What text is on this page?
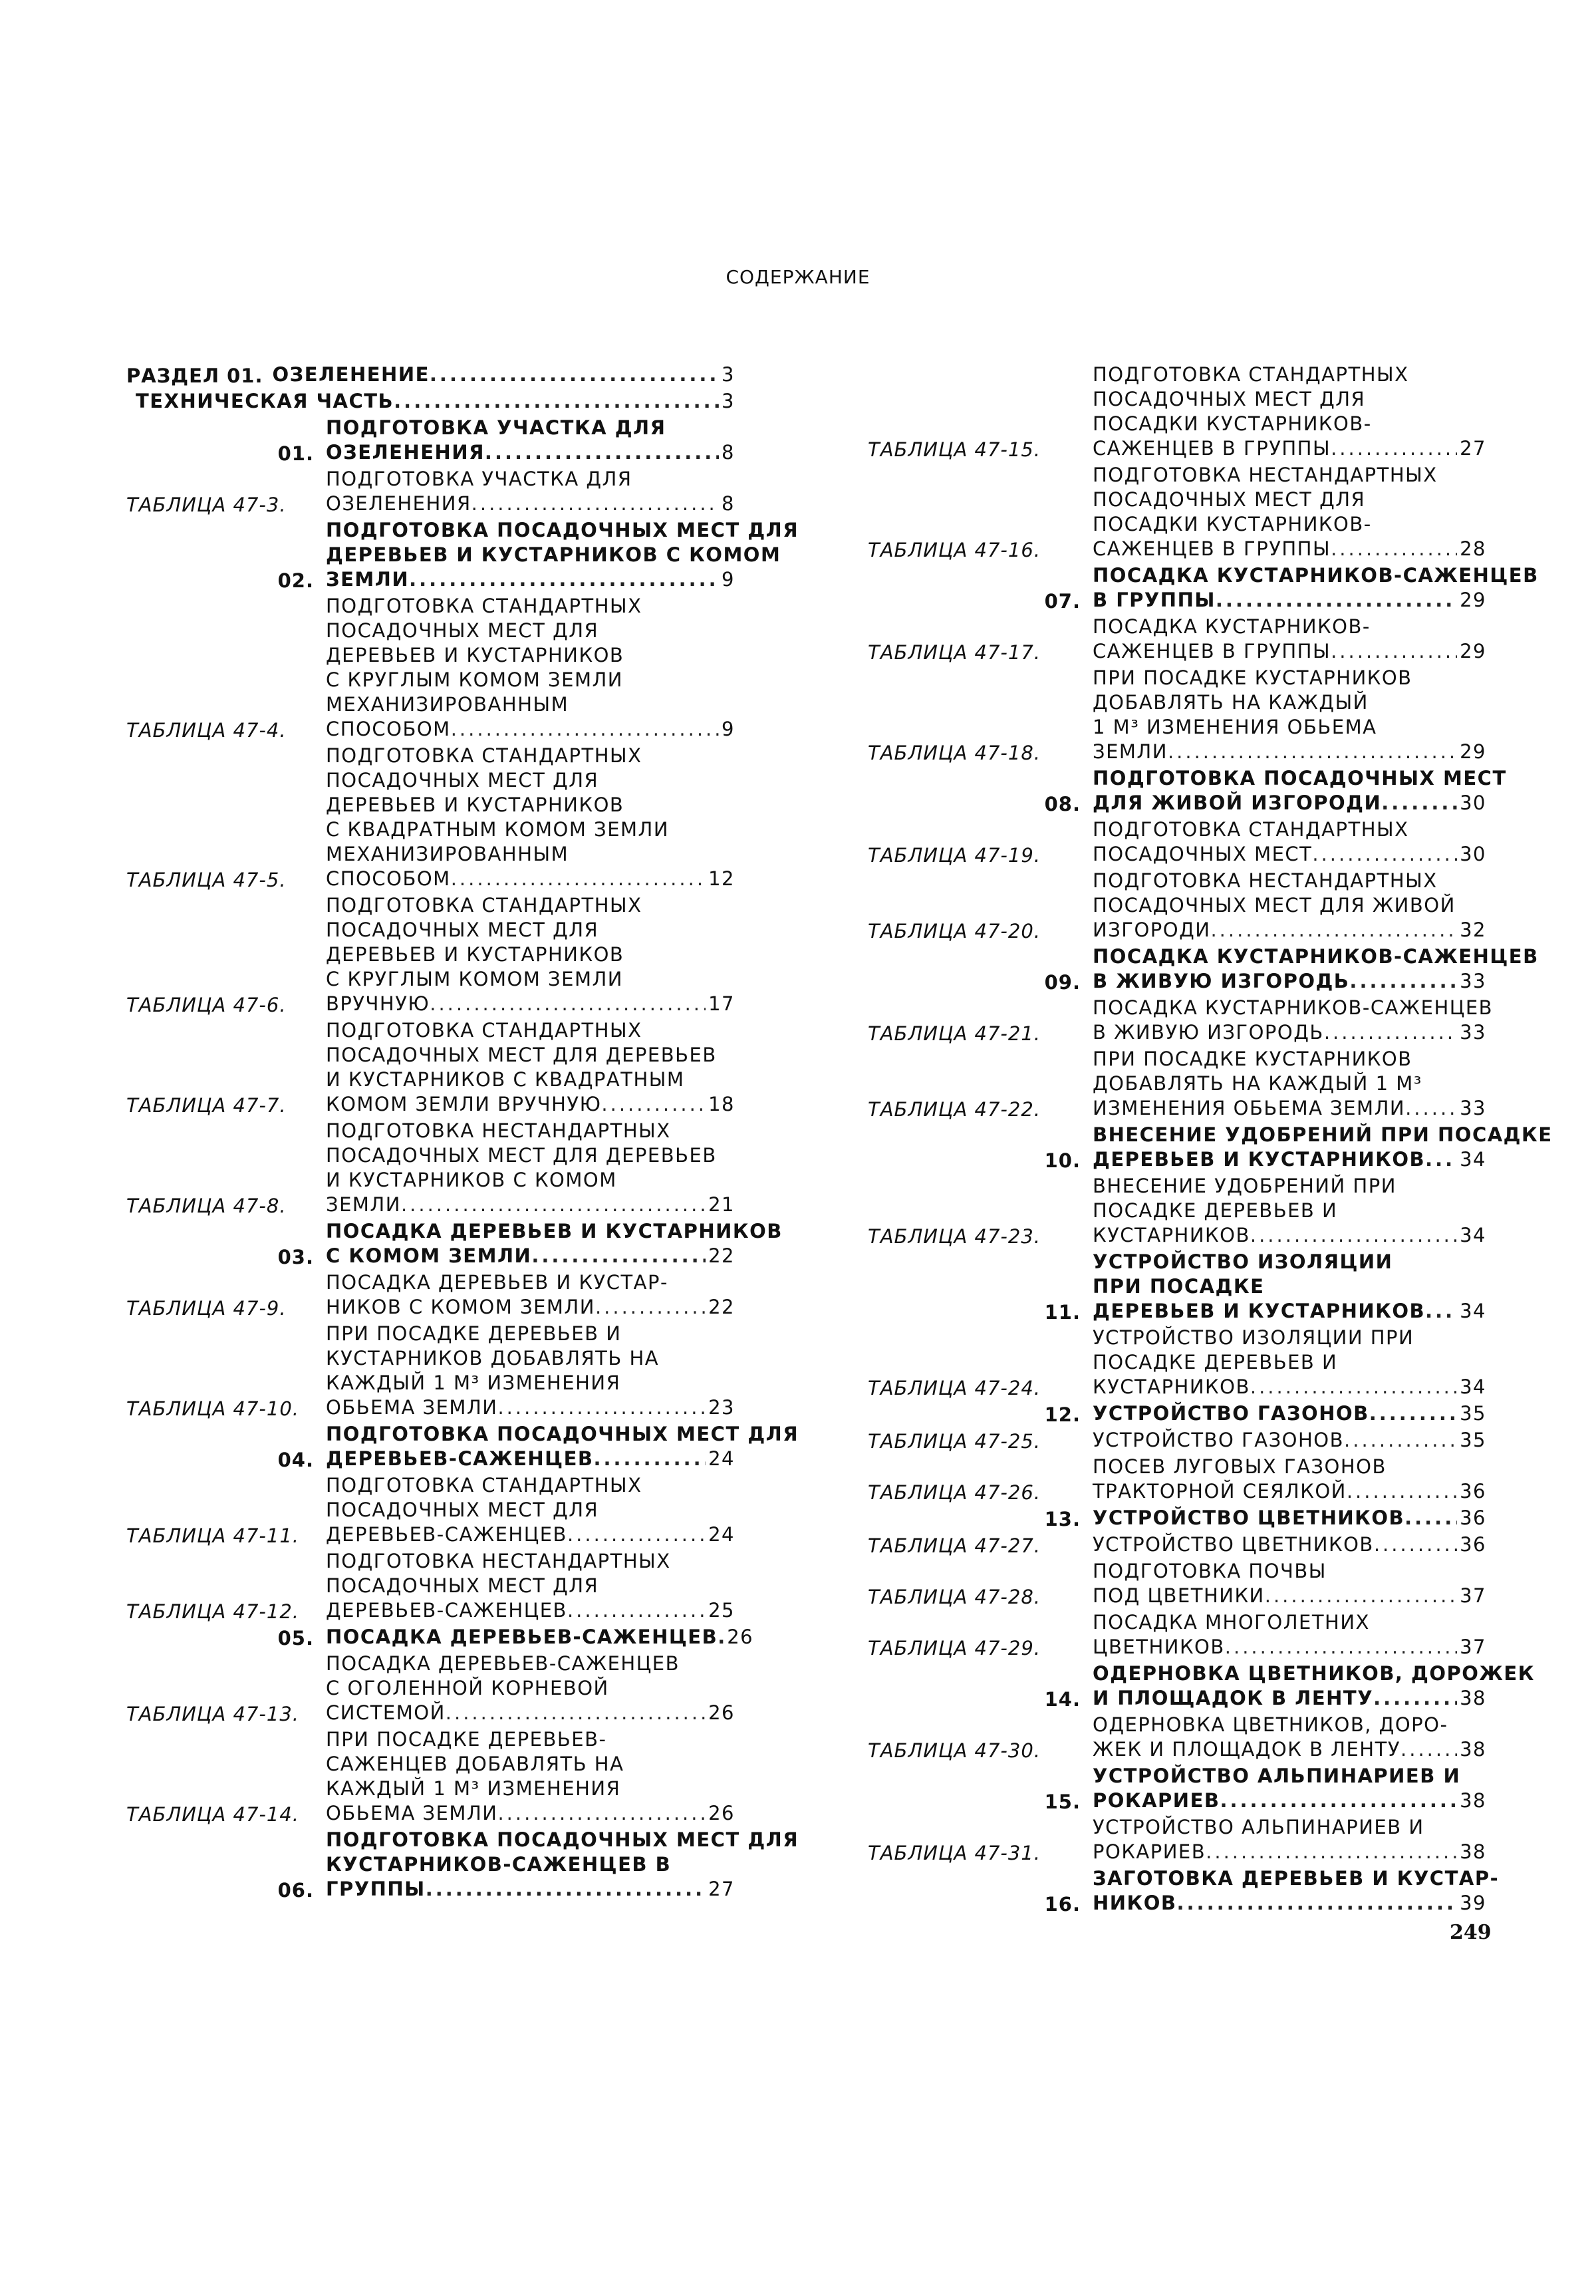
СОДЕРЖАНИЕ
РАЗДЕЛ 01. ОЗЕЛЕНЕНИЕ .....	3
ТЕХНИЧЕСКАЯ ЧАСТЬ .....	3
01.
ПОДГОТОВКА УЧАСТКА ДЛЯ
ОЗЕЛЕНЕНИЯ .....	8
ТАБЛИЦА 47-3.
ПОДГОТОВКА УЧАСТКА ДЛЯ
ОЗЕЛЕНЕНИЯ .....	8
02.
ПОДГОТОВКА ПОСАДОЧНЫХ МЕСТ ДЛЯ
ДЕРЕВЬЕВ И КУСТАРНИКОВ С КОМОМ
ЗЕМЛИ .....	9
ТАБЛИЦА 47-4.
ПОДГОТОВКА СТАНДАРТНЫХ
ПОСАДОЧНЫХ МЕСТ ДЛЯ
ДЕРЕВЬЕВ И КУСТАРНИКОВ
С КРУГЛЫМ КОМОМ ЗЕМЛИ
МЕХАНИЗИРОВАННЫМ
СПОСОБОМ .....	9
ТАБЛИЦА 47-5.
ПОДГОТОВКА СТАНДАРТНЫХ
ПОСАДОЧНЫХ МЕСТ ДЛЯ
ДЕРЕВЬЕВ И КУСТАРНИКОВ
С КВАДРАТНЫМ КОМОМ ЗЕМЛИ
МЕХАНИЗИРОВАННЫМ
СПОСОБОМ .....	12
ТАБЛИЦА 47-6.
ПОДГОТОВКА СТАНДАРТНЫХ
ПОСАДОЧНЫХ МЕСТ ДЛЯ
ДЕРЕВЬЕВ И КУСТАРНИКОВ
С КРУГЛЫМ КОМОМ ЗЕМЛИ
ВРУЧНУЮ .....	17
ТАБЛИЦА 47-7.
ПОДГОТОВКА СТАНДАРТНЫХ
ПОСАДОЧНЫХ МЕСТ ДЛЯ ДЕРЕВЬЕВ
И КУСТАРНИКОВ С КВАДРАТНЫМ
КОМОМ ЗЕМЛИ ВРУЧНУЮ .....	18
ТАБЛИЦА 47-8.
ПОДГОТОВКА НЕСТАНДАРТНЫХ
ПОСАДОЧНЫХ МЕСТ ДЛЯ ДЕРЕВЬЕВ
И КУСТАРНИКОВ С КОМОМ
ЗЕМЛИ .....	21
03.
ПОСАДКА ДЕРЕВЬЕВ И КУСТАРНИКОВ
С КОМОМ ЗЕМЛИ .....	22
ТАБЛИЦА 47-9.
ПОСАДКА ДЕРЕВЬЕВ И КУСТАР-
НИКОВ С КОМОМ ЗЕМЛИ .....	22
ТАБЛИЦА 47-10.
ПРИ ПОСАДКЕ ДЕРЕВЬЕВ И
КУСТАРНИКОВ ДОБАВЛЯТЬ НА
КАЖДЫЙ 1 М³ ИЗМЕНЕНИЯ
ОБЬЕМА ЗЕМЛИ .....	23
04.
ПОДГОТОВКА ПОСАДОЧНЫХ МЕСТ ДЛЯ
ДЕРЕВЬЕВ-САЖЕНЦЕВ .....	24
ТАБЛИЦА 47-11.
ПОДГОТОВКА СТАНДАРТНЫХ
ПОСАДОЧНЫХ МЕСТ ДЛЯ
ДЕРЕВЬЕВ-САЖЕНЦЕВ .....	24
ТАБЛИЦА 47-12.
ПОДГОТОВКА НЕСТАНДАРТНЫХ
ПОСАДОЧНЫХ МЕСТ ДЛЯ
ДЕРЕВЬЕВ-САЖЕНЦЕВ .....	25
05. ПОСАДКА ДЕРЕВЬЕВ-САЖЕНЦЕВ ..... 26
ТАБЛИЦА 47-13.
ПОСАДКА ДЕРЕВЬЕВ-САЖЕНЦЕВ
С ОГОЛЕННОЙ КОРНЕВОЙ
СИСТЕМОЙ .....	26
ТАБЛИЦА 47-14.
ПРИ ПОСАДКЕ ДЕРЕВЬЕВ-
САЖЕНЦЕВ ДОБАВЛЯТЬ НА
КАЖДЫЙ 1 М³ ИЗМЕНЕНИЯ
ОБЬЕМА ЗЕМЛИ .....	26
06.
ПОДГОТОВКА ПОСАДОЧНЫХ МЕСТ ДЛЯ
КУСТАРНИКОВ-САЖЕНЦЕВ В
ГРУППЫ .....	27
ТАБЛИЦА 47-15.
ПОДГОТОВКА СТАНДАРТНЫХ
ПОСАДОЧНЫХ МЕСТ ДЛЯ
ПОСАДКИ КУСТАРНИКОВ-
САЖЕНЦЕВ В ГРУППЫ .....	27
ТАБЛИЦА 47-16.
ПОДГОТОВКА НЕСТАНДАРТНЫХ
ПОСАДОЧНЫХ МЕСТ ДЛЯ
ПОСАДКИ КУСТАРНИКОВ-
САЖЕНЦЕВ В ГРУППЫ .....	28
07.
ПОСАДКА КУСТАРНИКОВ-САЖЕНЦЕВ
В ГРУППЫ .....	29
ТАБЛИЦА 47-17.
ПОСАДКА КУСТАРНИКОВ-
САЖЕНЦЕВ В ГРУППЫ .....	29
ТАБЛИЦА 47-18.
ПРИ ПОСАДКЕ КУСТАРНИКОВ
ДОБАВЛЯТЬ НА КАЖДЫЙ
1 М³ ИЗМЕНЕНИЯ ОБЬЕМА
ЗЕМЛИ .....	29
08.
ПОДГОТОВКА ПОСАДОЧНЫХ МЕСТ
ДЛЯ ЖИВОЙ ИЗГОРОДИ .....	30
ТАБЛИЦА 47-19.
ПОДГОТОВКА СТАНДАРТНЫХ
ПОСАДОЧНЫХ МЕСТ .....	30
ТАБЛИЦА 47-20.
ПОДГОТОВКА НЕСТАНДАРТНЫХ
ПОСАДОЧНЫХ МЕСТ ДЛЯ ЖИВОЙ
ИЗГОРОДИ .....	32
09.
ПОСАДКА КУСТАРНИКОВ-САЖЕНЦЕВ
В ЖИВУЮ ИЗГОРОДЬ .....	33
ТАБЛИЦА 47-21.
ПОСАДКА КУСТАРНИКОВ-САЖЕНЦЕВ
В ЖИВУЮ ИЗГОРОДЬ .....	33
ТАБЛИЦА 47-22.
ПРИ ПОСАДКЕ КУСТАРНИКОВ
ДОБАВЛЯТЬ НА КАЖДЫЙ 1 М³
ИЗМЕНЕНИЯ ОБЬЕМА ЗЕМЛИ .....	33
10.
ВНЕСЕНИЕ УДОБРЕНИЙ ПРИ ПОСАДКЕ
ДЕРЕВЬЕВ И КУСТАРНИКОВ ..... 34
ТАБЛИЦА 47-23.
ВНЕСЕНИЕ УДОБРЕНИЙ ПРИ
ПОСАДКЕ ДЕРЕВЬЕВ И
КУСТАРНИКОВ .....	34
11.
УСТРОЙСТВО ИЗОЛЯЦИИ
ПРИ ПОСАДКЕ
ДЕРЕВЬЕВ И КУСТАРНИКОВ ..... 34
ТАБЛИЦА 47-24.
УСТРОЙСТВО ИЗОЛЯЦИИ ПРИ
ПОСАДКЕ ДЕРЕВЬЕВ И
КУСТАРНИКОВ .....	34
12. УСТРОЙСТВО ГАЗОНОВ .....	35
ТАБЛИЦА 47-25.	УСТРОЙСТВО ГАЗОНОВ .....	35
ТАБЛИЦА 47-26.
ПОСЕВ ЛУГОВЫХ ГАЗОНОВ
ТРАКТОРНОЙ СЕЯЛКОЙ .....	36
13. УСТРОЙСТВО ЦВЕТНИКОВ .....	36
ТАБЛИЦА 47-27.	УСТРОЙСТВО ЦВЕТНИКОВ .....	36
ТАБЛИЦА 47-28.
ПОДГОТОВКА ПОЧВЫ
ПОД ЦВЕТНИКИ .....	37
ТАБЛИЦА 47-29.
ПОСАДКА МНОГОЛЕТНИХ
ЦВЕТНИКОВ .....	37
14.
ОДЕРНОВКА ЦВЕТНИКОВ, ДОРОЖЕК
И ПЛОЩАДОК В ЛЕНТУ .....	38
ТАБЛИЦА 47-30.
ОДЕРНОВКА ЦВЕТНИКОВ, ДОРО-
ЖЕК И ПЛОЩАДОК В ЛЕНТУ .....	38
15.
УСТРОЙСТВО АЛЬПИНАРИЕВ И
РОКАРИЕВ .....	38
ТАБЛИЦА 47-31.
УСТРОЙСТВО АЛЬПИНАРИЕВ И
РОКАРИЕВ .....	38
16.
ЗАГОТОВКА ДЕРЕВЬЕВ И КУСТАР-
НИКОВ .....	39
249
